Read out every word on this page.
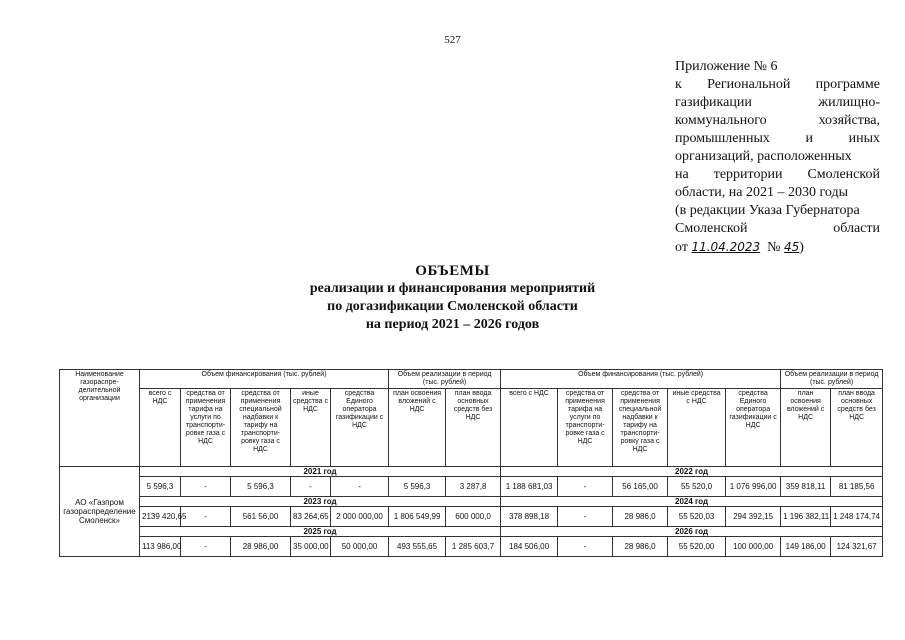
527
Приложение № 6
к Региональной программе
газификации	жилищно-
коммунального	хозяйства,
промышленных	и	иных
организаций, расположенных
на территории Смоленской
области, на 2021 – 2030 годы
(в редакции Указа Губернатора
Смоленской	области
от 11.04.2023 № 45)
ОБЪЕМЫ
реализации и финансирования мероприятий
по догазификации Смоленской области
на период 2021 – 2026 годов
Наименование газораспре-делительной организации	Объем финансирования (тыс. рублей)					Объем реализации в период (тыс. рублей)		Объем финансирования (тыс. рублей)					Объем реализации в период (тыс. рублей)	
	всего с НДС	средства от применения тарифа на услуги по транспорти-ровке газа с НДС	средства от применения специальной надбавки к тарифу на транспорти-ровку газа с НДС	иные средства с НДС	средства Единого оператора газификации с НДС	план освоения вложений с НДС	план ввода основных средств без НДС	всего с НДС	средства от применения тарифа на услуги по транспорти-ровке газа с НДС	средства от применения специальной надбавки к тарифу на транспорти-ровку газа с НДС	иные средства с НДС	средства Единого оператора газификации с НДС	план освоения вложений с НДС	план ввода основных средств без НДС
АО «Газпром газораспределение Смоленск»	2021 год							2022 год						
	5 596,3	-	5 596,3	-	-	5 596,3	3 287,8	1 188 681,03	-	56 165,00	55 520,0	1 076 996,00	359 818,11	81 185,56
	2023 год							2024 год						
	2139 420,65	-	561 56,00	83 264,65	2 000 000,00	1 806 549,99	600 000,0	378 898,18	-	28 986,0	55 520,03	294 392,15	1 196 382,11	1 248 174,74
	2025 год							2026 год						
	113 986,00	-	28 986,00	35 000,00	50 000,00	493 555,65	1 285 603,7	184 506,00	-	28 986,0	55 520,00	100 000,00	149 186,00	124 321,67
